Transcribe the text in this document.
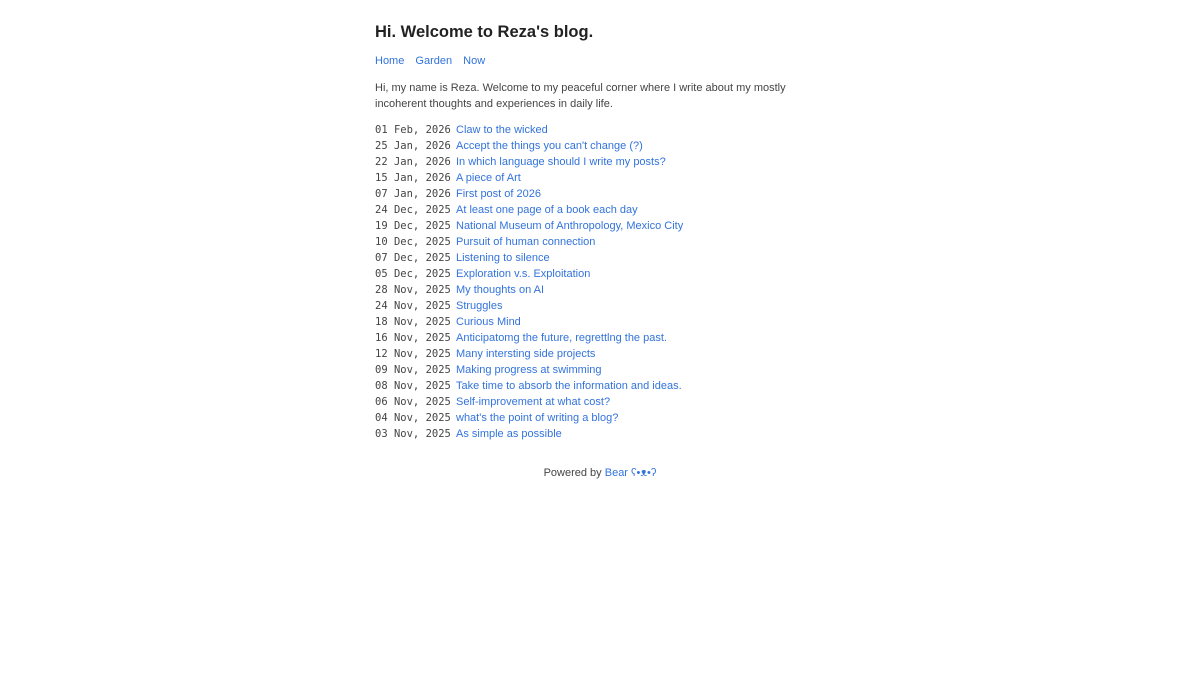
Hi. Welcome to Reza's blog.
Home Garden Now

Hi, my name is Reza. Welcome to my peaceful corner where I write about my mostly incoherent thoughts and experiences in daily life.

01 Feb, 2026 Claw to the wicked
25 Jan, 2026 Accept the things you can't change (?)
22 Jan, 2026 In which language should I write my posts?
15 Jan, 2026 A piece of Art
07 Jan, 2026 First post of 2026
24 Dec, 2025 At least one page of a book each day
19 Dec, 2025 National Museum of Anthropology, Mexico City
10 Dec, 2025 Pursuit of human connection
07 Dec, 2025 Listening to silence
05 Dec, 2025 Exploration v.s. Exploitation
28 Nov, 2025 My thoughts on AI
24 Nov, 2025 Struggles
18 Nov, 2025 Curious Mind
16 Nov, 2025 Anticipatomg the future, regrettlng the past.
12 Nov, 2025 Many intersting side projects
09 Nov, 2025 Making progress at swimming
08 Nov, 2025 Take time to absorb the information and ideas.
06 Nov, 2025 Self-improvement at what cost?
04 Nov, 2025 what's the point of writing a blog?
03 Nov, 2025 As simple as possible
Powered by Bear ʕ•ᴥ•ʔ
